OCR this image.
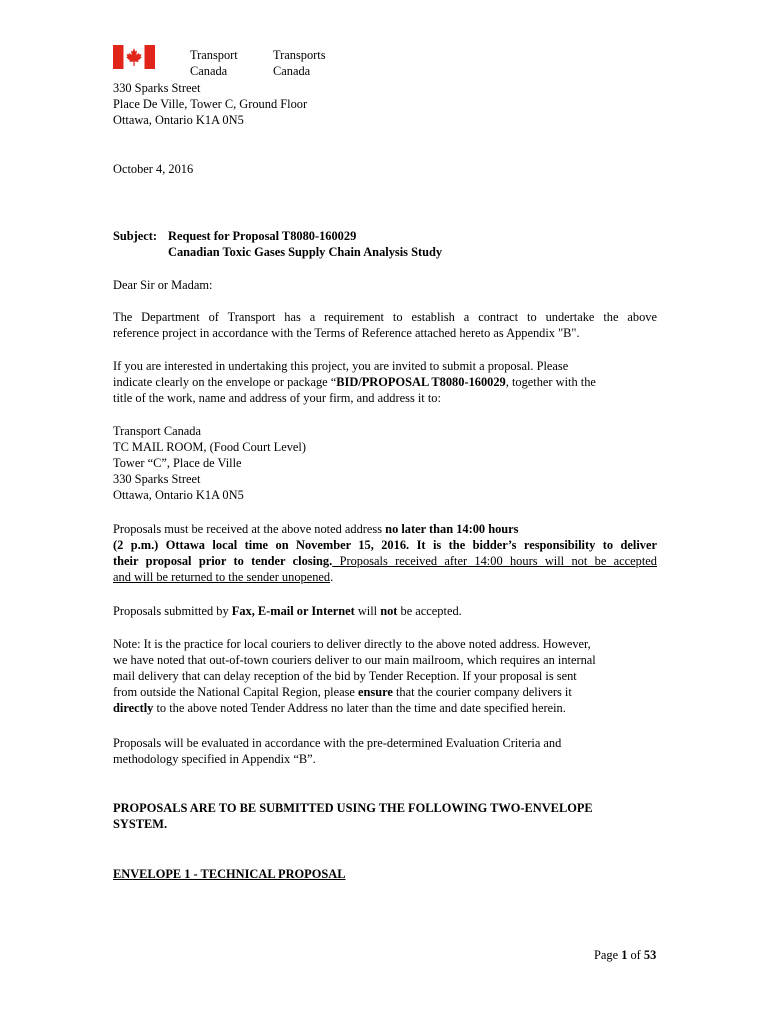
Transport
Canada
Transports
Canada
330 Sparks Street
Place De Ville, Tower C, Ground Floor
Ottawa, Ontario K1A 0N5
October 4, 2016
Subject: Request for Proposal T8080-160029
Canadian Toxic Gases Supply Chain Analysis Study
Dear Sir or Madam:
The Department of Transport has a requirement to establish a contract to undertake the above
reference project in accordance with the Terms of Reference attached hereto as Appendix "B".
If you are interested in undertaking this project, you are invited to submit a proposal. Please
indicate clearly on the envelope or package “BID/PROPOSAL T8080-160029, together with the
title of the work, name and address of your firm, and address it to:
Transport Canada
TC MAIL ROOM, (Food Court Level)
Tower “C”, Place de Ville
330 Sparks Street
Ottawa, Ontario K1A 0N5
Proposals must be received at the above noted address no later than 14:00 hours
(2 p.m.) Ottawa local time on November 15, 2016. It is the bidder’s responsibility to deliver
their proposal prior to tender closing. Proposals received after 14:00 hours will not be accepted
and will be returned to the sender unopened.
Proposals submitted by Fax, E-mail or Internet will not be accepted.
Note: It is the practice for local couriers to deliver directly to the above noted address. However,
we have noted that out-of-town couriers deliver to our main mailroom, which requires an internal
mail delivery that can delay reception of the bid by Tender Reception. If your proposal is sent
from outside the National Capital Region, please ensure that the courier company delivers it
directly to the above noted Tender Address no later than the time and date specified herein.
Proposals will be evaluated in accordance with the pre-determined Evaluation Criteria and
methodology specified in Appendix “B”.
PROPOSALS ARE TO BE SUBMITTED USING THE FOLLOWING TWO-ENVELOPE
SYSTEM.
ENVELOPE 1 - TECHNICAL PROPOSAL
Page 1 of 53
